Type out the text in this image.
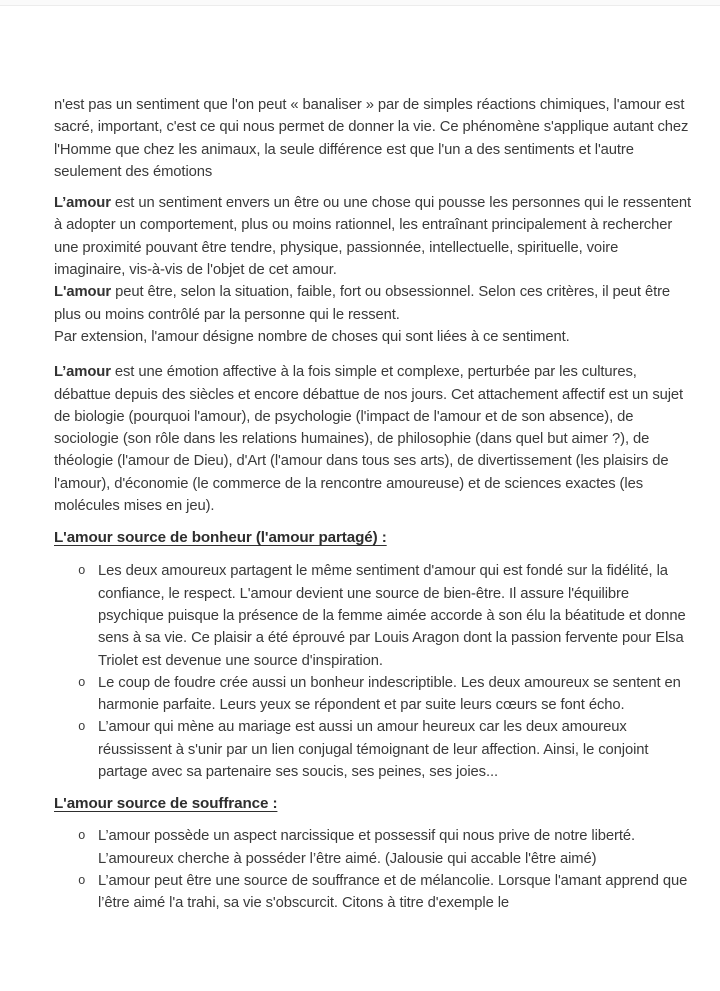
n'est pas un sentiment que l'on peut « banaliser » par de simples réactions chimiques, l'amour est sacré, important, c'est ce qui nous permet de donner la vie. Ce phénomène s'applique autant chez l'Homme que chez les animaux, la seule différence est que l'un a des sentiments et l'autre seulement des émotions

L’amour est un sentiment envers un être ou une chose qui pousse les personnes qui le ressentent à adopter un comportement, plus ou moins rationnel, les entraînant principalement à rechercher une proximité pouvant être tendre, physique, passionnée, intellectuelle, spirituelle, voire imaginaire, vis-à-vis de l'objet de cet amour.

L'amour peut être, selon la situation, faible, fort ou obsessionnel. Selon ces critères, il peut être plus ou moins contrôlé par la personne qui le ressent.

Par extension, l'amour désigne nombre de choses qui sont liées à ce sentiment.

L’amour est une émotion affective à la fois simple et complexe, perturbée par les cultures, débattue depuis des siècles et encore débattue de nos jours. Cet attachement affectif est un sujet de biologie (pourquoi l'amour), de psychologie (l'impact de l'amour et de son absence), de sociologie (son rôle dans les relations humaines), de philosophie (dans quel but aimer ?), de théologie (l'amour de Dieu), d'Art (l'amour dans tous ses arts), de divertissement (les plaisirs de l'amour), d'économie (le commerce de la rencontre amoureuse) et de sciences exactes (les molécules mises en jeu).

L'amour source de bonheur (l'amour partagé) :
o Les deux amoureux partagent le même sentiment d'amour qui est fondé sur la fidélité, la confiance, le respect. L'amour devient une source de bien-être. Il assure l'équilibre psychique puisque la présence de la femme aimée accorde à son élu la béatitude et donne sens à sa vie. Ce plaisir a été éprouvé par Louis Aragon dont la passion fervente pour Elsa Triolet est devenue une source d'inspiration.
o Le coup de foudre crée aussi un bonheur indescriptible. Les deux amoureux se sentent en harmonie parfaite. Leurs yeux se répondent et par suite leurs cœurs se font écho.
o L’amour qui mène au mariage est aussi un amour heureux car les deux amoureux réussissent à s'unir par un lien conjugal témoignant de leur affection. Ainsi, le conjoint partage avec sa partenaire ses soucis, ses peines, ses joies...
L'amour source de souffrance :
o L’amour possède un aspect narcissique et possessif qui nous prive de notre liberté. L’amoureux cherche à posséder l’être aimé. (Jalousie qui accable l'être aimé)
o L’amour peut être une source de souffrance et de mélancolie. Lorsque l'amant apprend que l’être aimé l'a trahi, sa vie s'obscurcit. Citons à titre d'exemple le
